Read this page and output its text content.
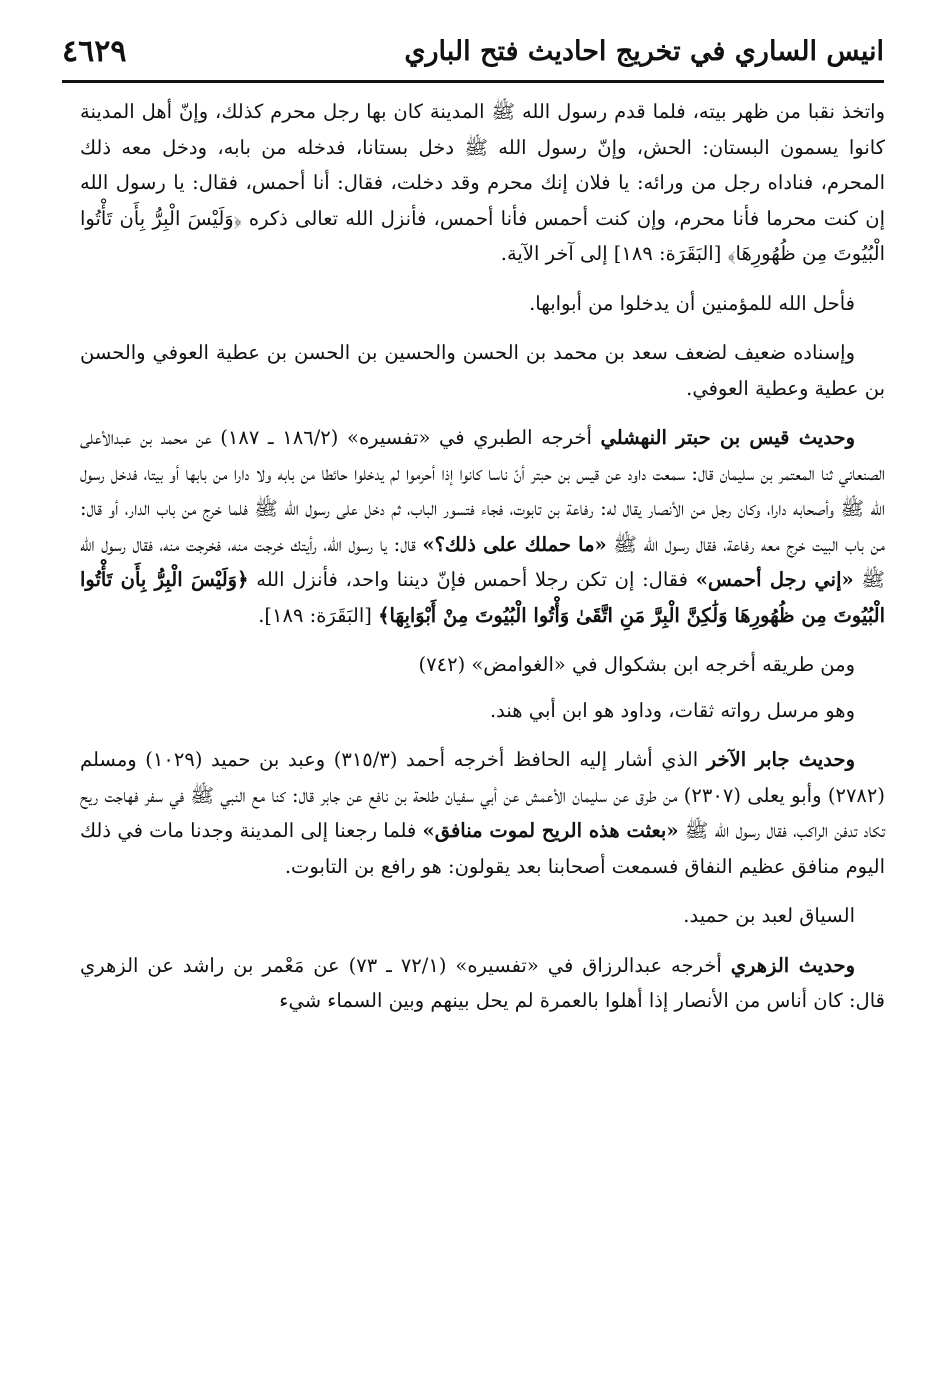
انيس الساري في تخريج احاديث فتح الباري
٤٦٢٩

واتخذ نقبا من ظهر بيته، فلما قدم رسول الله ﷺ المدينة كان بها رجل محرم كذلك، وإنّ أهل المدينة كانوا يسمون البستان: الحش، وإنّ رسول الله ﷺ دخل بستانا، فدخله من بابه، ودخل معه ذلك المحرم، فناداه رجل من ورائه: يا فلان إنك محرم وقد دخلت، فقال: أنا أحمس، فقال: يا رسول الله إن كنت محرما فأنا محرم، وإن كنت أحمس فأنا أحمس، فأنزل الله تعالى ذكره ﴿وَلَيْسَ الْبِرُّ بِأَن تَأْتُوا الْبُيُوتَ مِن ظُهُورِهَا﴾ [البَقَرَة: ١٨٩] إلى آخر الآية.

فأحل الله للمؤمنين أن يدخلوا من أبوابها.

وإسناده ضعيف لضعف سعد بن محمد بن الحسن والحسين بن الحسن بن عطية العوفي والحسن بن عطية وعطية العوفي.

وحديث قيس بن حبتر النهشلي أخرجه الطبري في «تفسيره» (١٨٦/٢ ـ ١٨٧) عن محمد بن عبدالأعلى الصنعاني ثنا المعتمر بن سليمان قال: سمعت داود عن قيس بن حبتر أنّ ناسا كانوا إذا أحرموا لم يدخلوا حائطا من بابه ولا دارا من بابها أو بيتا، فدخل رسول الله ﷺ وأصحابه دارا، وكان رجل من الأنصار يقال له: رفاعة بن تابوت، فجاء فتسور الباب، ثم دخل على رسول الله ﷺ فلما خرج من باب الدار، أو قال: من باب البيت خرج معه رفاعة، فقال رسول الله ﷺ «ما حملك على ذلك؟» قال: يا رسول الله، رأيتك خرجت منه، فخرجت منه، فقال رسول الله ﷺ «إني رجل أحمس» فقال: إن تكن رجلا أحمس فإنّ ديننا واحد، فأنزل الله ﴿وَلَيْسَ الْبِرُّ بِأَن تَأْتُوا الْبُيُوتَ مِن ظُهُورِهَا وَلَٰكِنَّ الْبِرَّ مَنِ اتَّقَىٰ وَأْتُوا الْبُيُوتَ مِنْ أَبْوَابِهَا﴾ [البَقَرَة: ١٨٩].

ومن طريقه أخرجه ابن بشكوال في «الغوامض» (٧٤٢)

وهو مرسل رواته ثقات، وداود هو ابن أبي هند.

وحديث جابر الآخر الذي أشار إليه الحافظ أخرجه أحمد (٣١٥/٣) وعبد بن حميد (١٠٢٩) ومسلم (٢٧٨٢) وأبو يعلى (٢٣٠٧) من طرق عن سليمان الأعمش عن أبي سفيان طلحة بن نافع عن جابر قال: كنا مع النبي ﷺ في سفر فهاجت ريح تكاد تدفن الراكب، فقال رسول الله ﷺ «بعثت هذه الريح لموت منافق» فلما رجعنا إلى المدينة وجدنا مات في ذلك اليوم منافق عظيم النفاق فسمعت أصحابنا بعد يقولون: هو رافع بن التابوت.

السياق لعبد بن حميد.

وحديث الزهري أخرجه عبدالرزاق في «تفسيره» (٧٢/١ ـ ٧٣) عن مَعْمر بن راشد عن الزهري قال: كان أناس من الأنصار إذا أهلوا بالعمرة لم يحل بينهم وبين السماء شيء
